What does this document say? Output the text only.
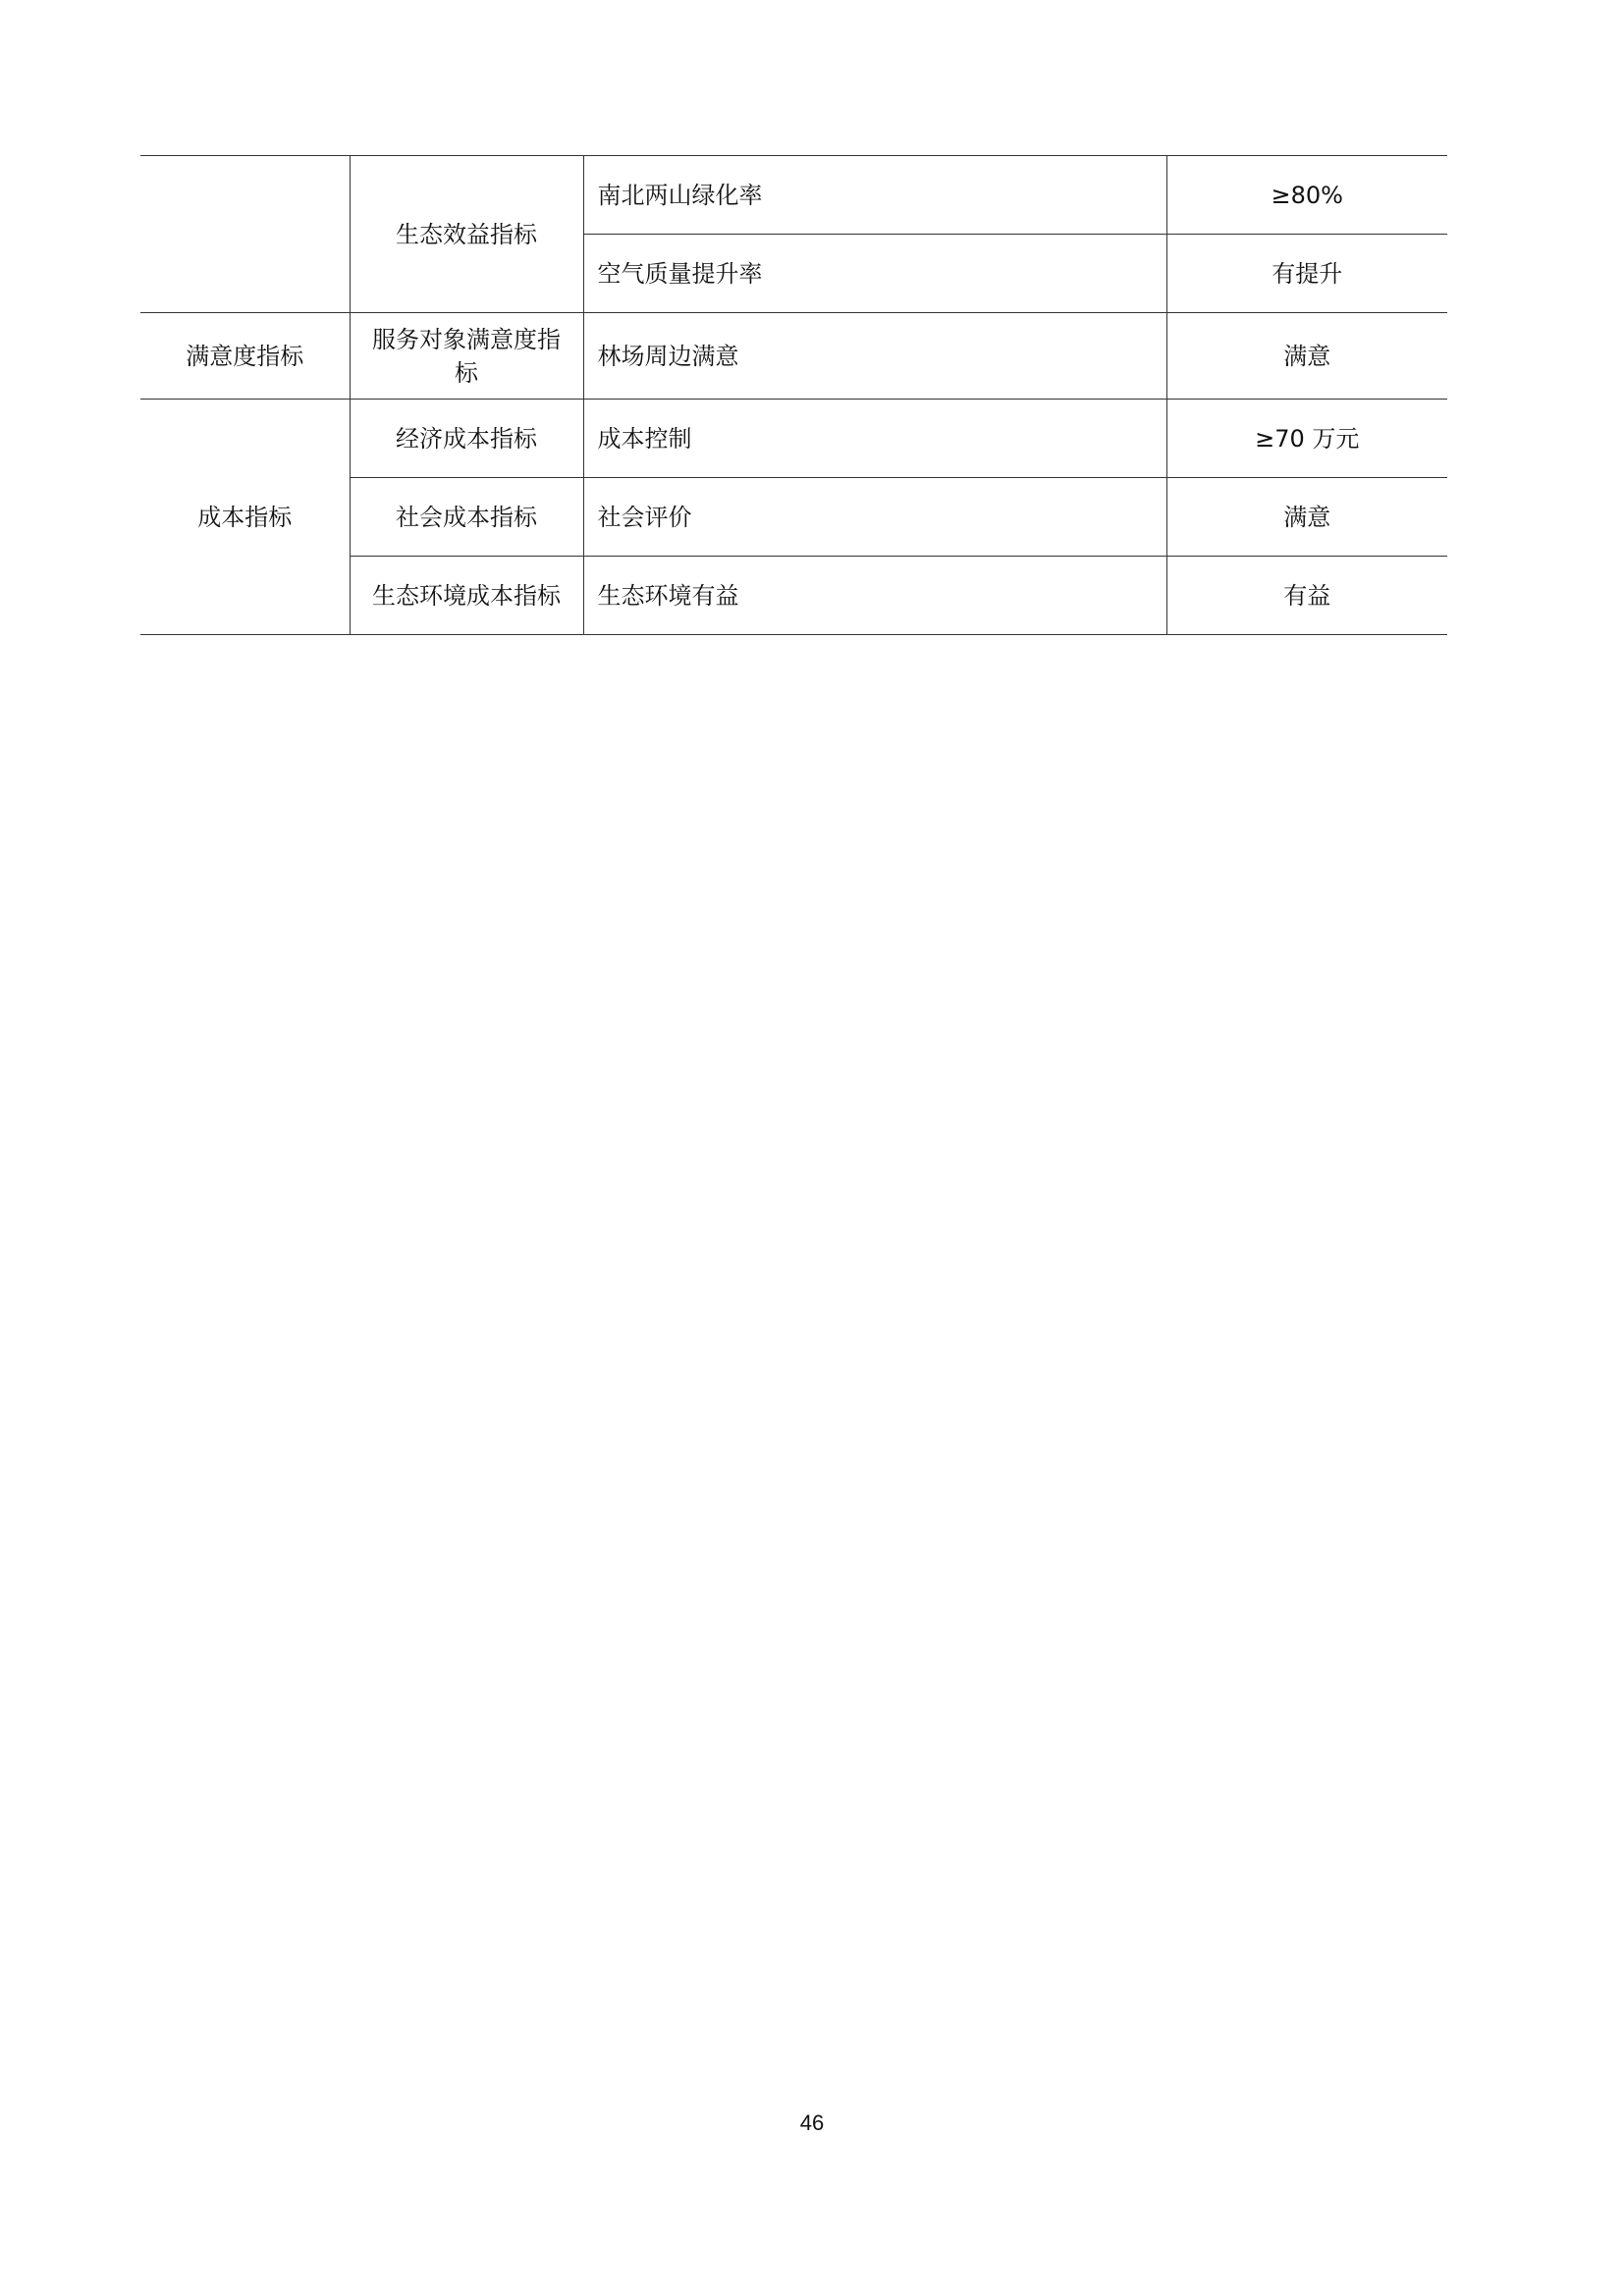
	生态效益指标	南北两山绿化率	≥80%
		空气质量提升率	有提升
满意度指标	服务对象满意度指标	林场周边满意	满意
成本指标	经济成本指标	成本控制	≥70 万元
	社会成本指标	社会评价	满意
	生态环境成本指标	生态环境有益	有益
46
